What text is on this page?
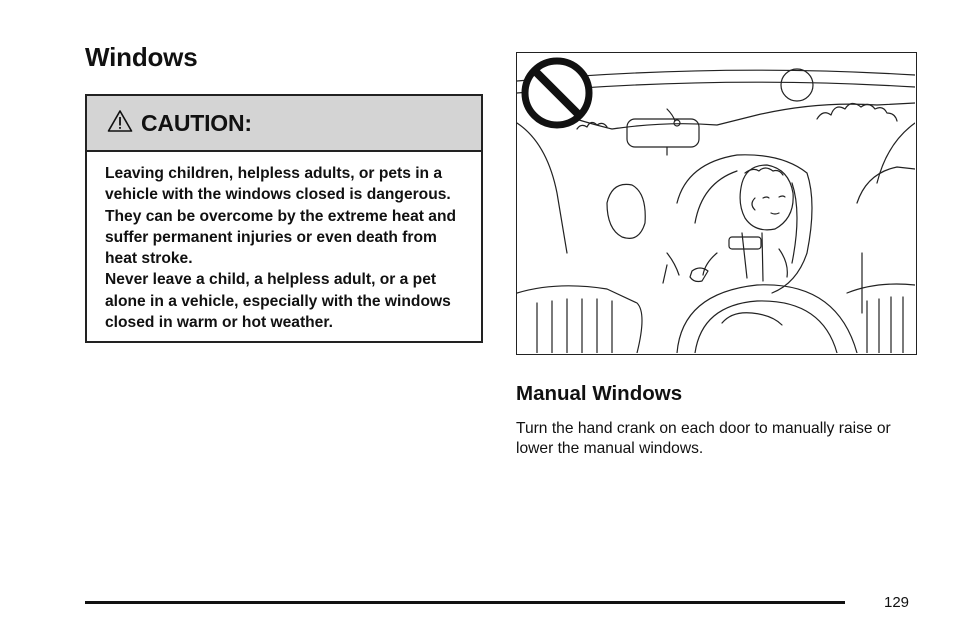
Windows
CAUTION:

Leaving children, helpless adults, or pets in a vehicle with the windows closed is dangerous. They can be overcome by the extreme heat and suffer permanent injuries or even death from heat stroke.

Never leave a child, a helpless adult, or a pet alone in a vehicle, especially with the windows closed in warm or hot weather.

Manual Windows

Turn the hand crank on each door to manually raise or lower the manual windows.

129
